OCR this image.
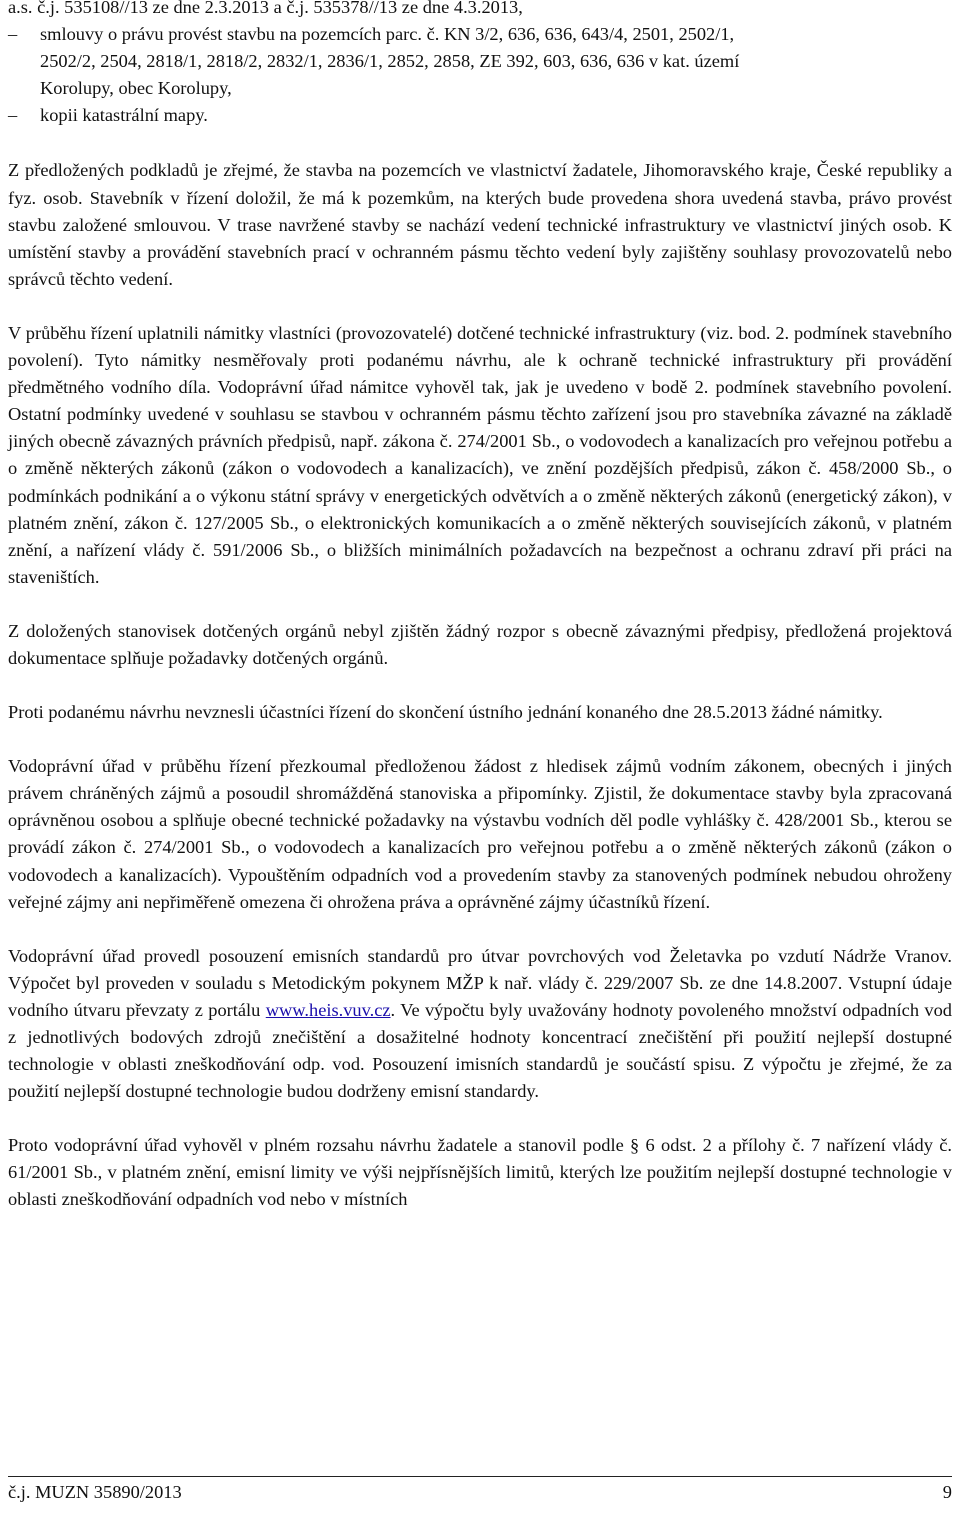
a.s. č.j. 535108//13 ze dne 2.3.2013 a č.j. 535378//13 ze dne 4.3.2013,
–	smlouvy o právu provést stavbu na pozemcích parc. č. KN 3/2, 636, 636, 643/4, 2501, 2502/1,
2502/2, 2504, 2818/1, 2818/2, 2832/1, 2836/1, 2852, 2858, ZE 392, 603, 636, 636 v kat. území
Korolupy, obec Korolupy,
–	kopii katastrální mapy.

Z předložených podkladů je zřejmé, že stavba na pozemcích ve vlastnictví žadatele, Jihomoravského kraje, České republiky a fyz. osob. Stavebník v řízení doložil, že má k pozemkům, na kterých bude provedena shora uvedená stavba, právo provést stavbu založené smlouvou. V trase navržené stavby se nachází vedení technické infrastruktury ve vlastnictví jiných osob. K umístění stavby a provádění stavebních prací v ochranném pásmu těchto vedení byly zajištěny souhlasy provozovatelů nebo správců těchto vedení.

V průběhu řízení uplatnili námitky vlastníci (provozovatelé) dotčené technické infrastruktury (viz. bod. 2. podmínek stavebního povolení). Tyto námitky nesměřovaly proti podanému návrhu, ale k ochraně technické infrastruktury při provádění předmětného vodního díla. Vodoprávní úřad námitce vyhověl tak, jak je uvedeno v bodě 2. podmínek stavebního povolení. Ostatní podmínky uvedené v souhlasu se stavbou v ochranném pásmu těchto zařízení jsou pro stavebníka závazné na základě jiných obecně závazných právních předpisů, např. zákona č. 274/2001 Sb., o vodovodech a kanalizacích pro veřejnou potřebu a o změně některých zákonů (zákon o vodovodech a kanalizacích), ve znění pozdějších předpisů, zákon č. 458/2000 Sb., o podmínkách podnikání a o výkonu státní správy v energetických odvětvích a o změně některých zákonů (energetický zákon), v platném znění, zákon č. 127/2005 Sb., o elektronických komunikacích a o změně některých souvisejících zákonů, v platném znění, a nařízení vlády č. 591/2006 Sb., o bližších minimálních požadavcích na bezpečnost a ochranu zdraví při práci na staveništích.

Z doložených stanovisek dotčených orgánů nebyl zjištěn žádný rozpor s obecně závaznými předpisy, předložená projektová dokumentace splňuje požadavky dotčených orgánů.

Proti podanému návrhu nevznesli účastníci řízení do skončení ústního jednání konaného dne 28.5.2013 žádné námitky.

Vodoprávní úřad v průběhu řízení přezkoumal předloženou žádost z hledisek zájmů vodním zákonem, obecných i jiných právem chráněných zájmů a posoudil shromážděná stanoviska a připomínky. Zjistil, že dokumentace stavby byla zpracovaná oprávněnou osobou a splňuje obecné technické požadavky na výstavbu vodních děl podle vyhlášky č. 428/2001 Sb., kterou se provádí zákon č. 274/2001 Sb., o vodovodech a kanalizacích pro veřejnou potřebu a o změně některých zákonů (zákon o vodovodech a kanalizacích). Vypouštěním odpadních vod a provedením stavby za stanovených podmínek nebudou ohroženy veřejné zájmy ani nepřiměřeně omezena či ohrožena práva a oprávněné zájmy účastníků řízení.

Vodoprávní úřad provedl posouzení emisních standardů pro útvar povrchových vod Želetavka po vzdutí Nádrže Vranov. Výpočet byl proveden v souladu s Metodickým pokynem MŽP k nař. vlády č. 229/2007 Sb. ze dne 14.8.2007. Vstupní údaje vodního útvaru převzaty z portálu www.heis.vuv.cz. Ve výpočtu byly uvažovány hodnoty povoleného množství odpadních vod z jednotlivých bodových zdrojů znečištění a dosažitelné hodnoty koncentrací znečištění při použití nejlepší dostupné technologie v oblasti zneškodňování odp. vod. Posouzení imisních standardů je součástí spisu. Z výpočtu je zřejmé, že za použití nejlepší dostupné technologie budou dodrženy emisní standardy.

Proto vodoprávní úřad vyhověl v plném rozsahu návrhu žadatele a stanovil podle § 6 odst. 2 a přílohy č. 7 nařízení vlády č. 61/2001 Sb., v platném znění, emisní limity ve výši nejpřísnějších limitů, kterých lze použitím nejlepší dostupné technologie v oblasti zneškodňování odpadních vod nebo v místních

č.j. MUZN 35890/2013	9
